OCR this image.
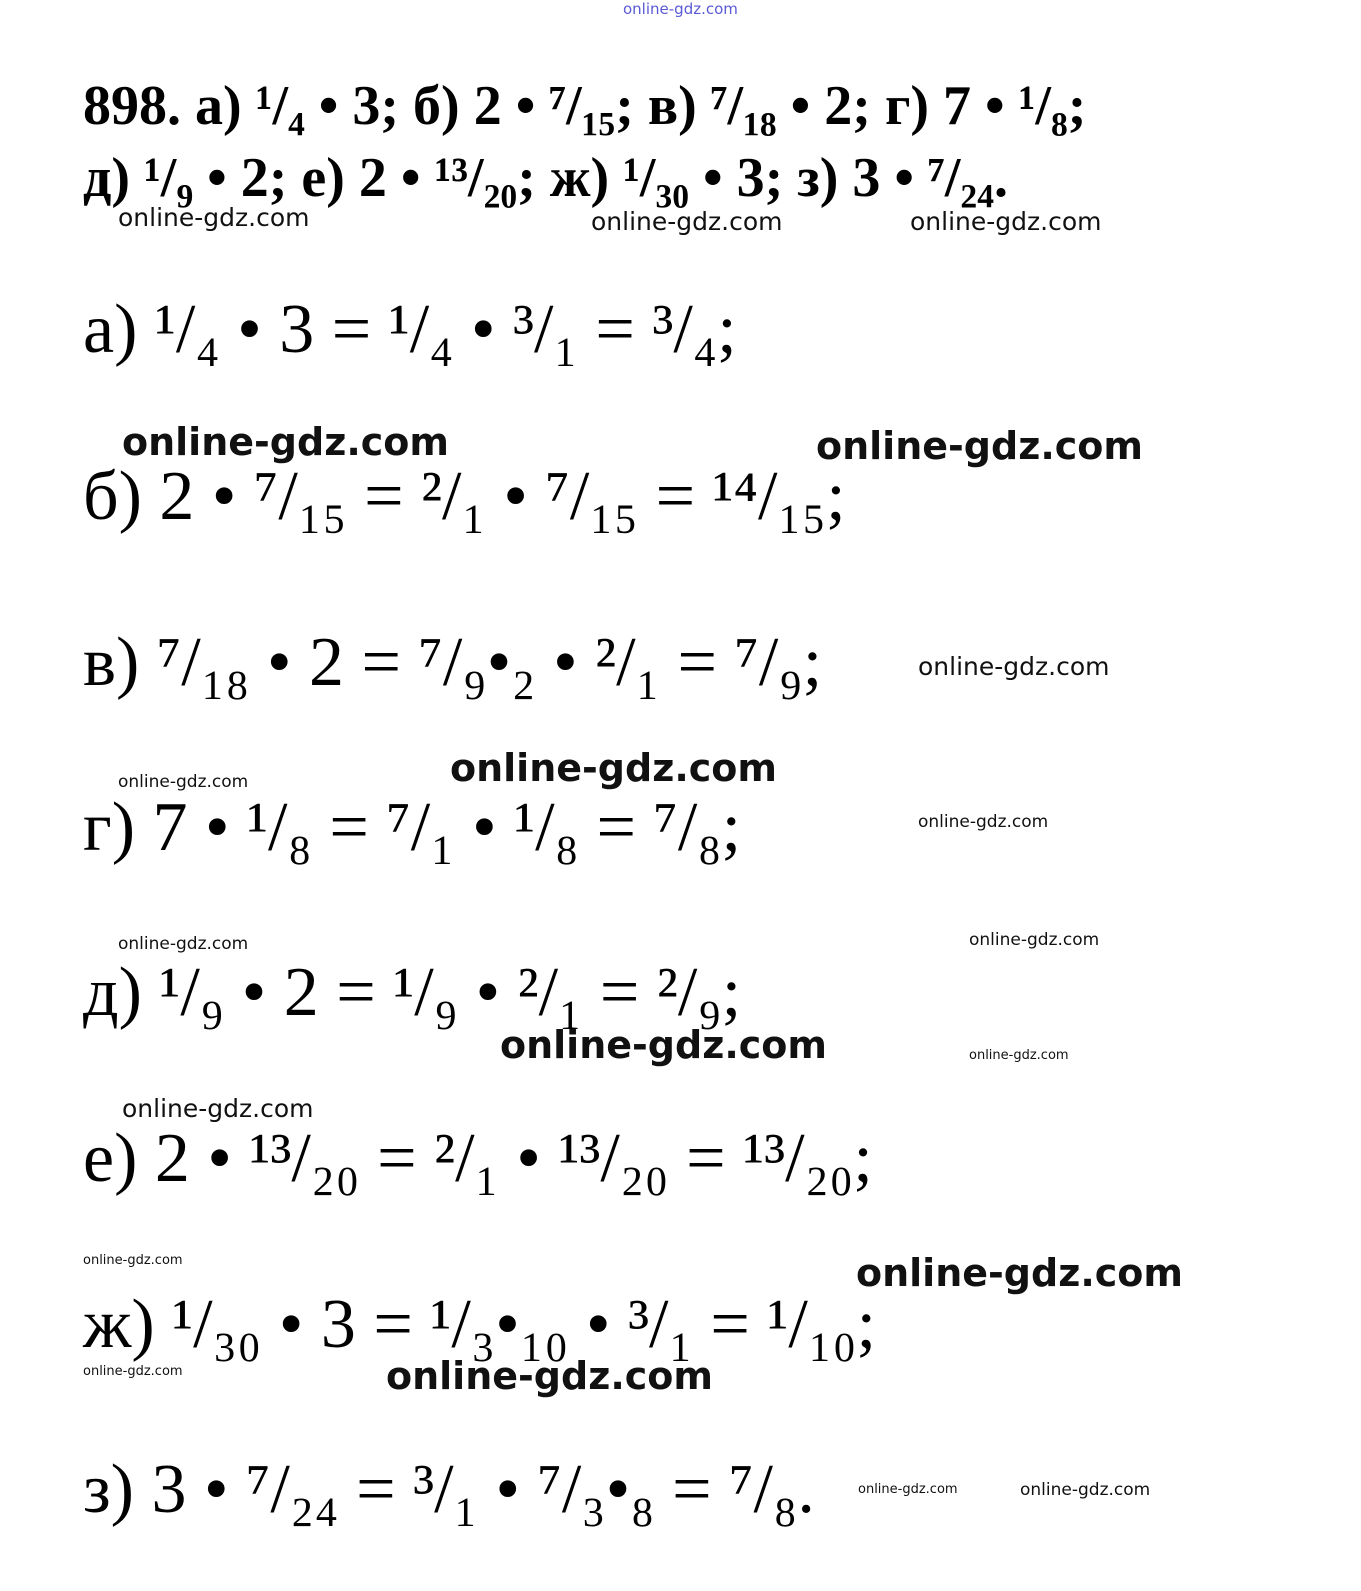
online-gdz.com
898. а) ¹/₄ • 3; б) 2 • ⁷/₁₅; в) ⁷/₁₈ • 2; г) 7 • ¹/₈;
д) ¹/₉ • 2; е) 2 • ¹³/₂₀; ж) ¹/₃₀ • 3; з) 3 • ⁷/₂₄.
online-gdz.com	online-gdz.com	online-gdz.com
а) ¹/₄ • 3 = ¹/₄ • ³/₁ = ³/₄;
online-gdz.com	online-gdz.com
б) 2 • ⁷/₁₅ = ²/₁ • ⁷/₁₅ = ¹⁴/₁₅;
в) ⁷/₁₈ • 2 = ⁷/₉•₂ • ²/₁ = ⁷/₉;	online-gdz.com
online-gdz.com
online-gdz.com
г) 7 • ¹/₈ = ⁷/₁ • ¹/₈ = ⁷/₈;	online-gdz.com
online-gdz.com	online-gdz.com
д) ¹/₉ • 2 = ¹/₉ • ²/₁ = ²/₉;
online-gdz.com	online-gdz.com
online-gdz.com
е) 2 • ¹³/₂₀ = ²/₁ • ¹³/₂₀ = ¹³/₂₀;
online-gdz.com	online-gdz.com
ж) ¹/₃₀ • 3 = ¹/₃•₁₀ • ³/₁ = ¹/₁₀;
online-gdz.com	online-gdz.com
з) 3 • ⁷/₂₄ = ³/₁ • ⁷/₃•₈ = ⁷/₈.	online-gdz.com	online-gdz.com
